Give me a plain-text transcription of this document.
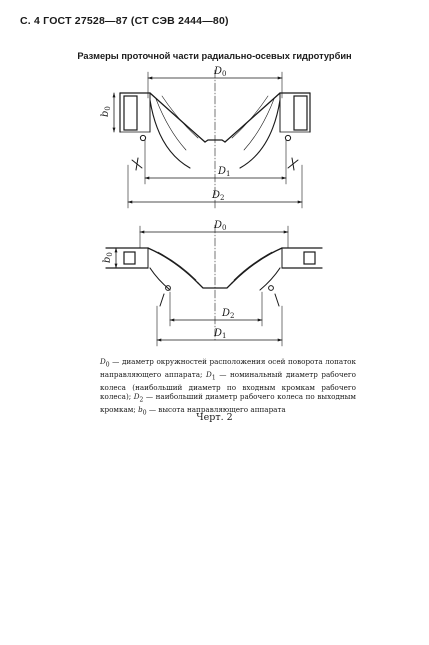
С. 4 ГОСТ 27528—87 (СТ СЭВ 2444—80)
Размеры проточной части радиально-осевых гидротурбин
$D_0$
$D_1$
$D_2$
$b_0$
$D_0$
$D_2$
$D_1$
$b_0$
$D_0$ — диаметр окружностей расположения осей поворота лопаток направляющего аппарата; $D_1$ — номинальный диаметр рабочего колеса (наибольший диаметр по входным кромкам рабочего колеса); $D_2$ — наибольший диаметр рабочего колеса по выходным кромкам; $b_0$ — высота направляющего аппарата
Черт. 2
